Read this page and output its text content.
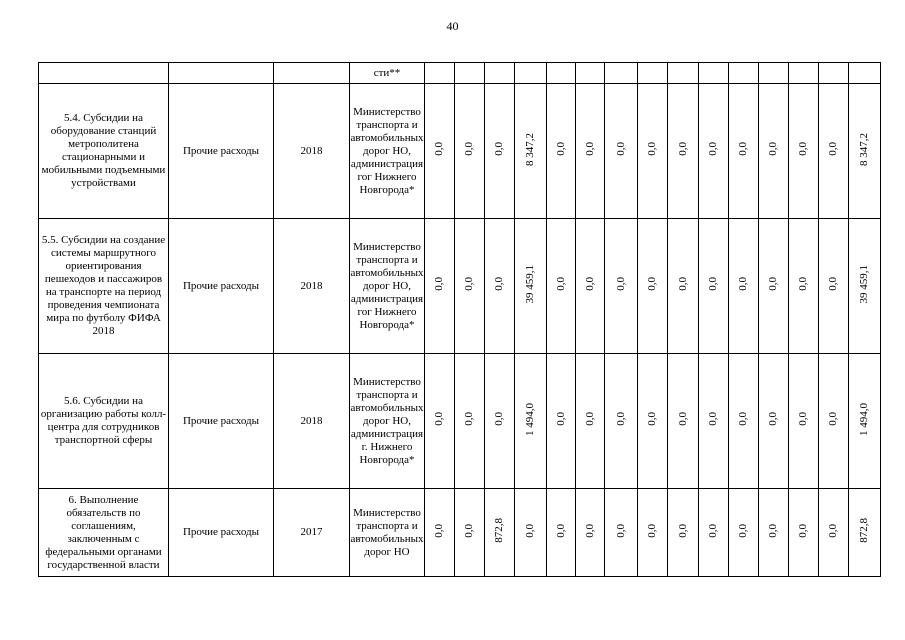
40
			сти**															
5.4. Субсидии на оборудование станций метрополитена стационарными и мобильными подъемными устройствами	Прочие расходы	2018	Министерство транспорта и автомобильных дорог НО, администрация гог Нижнего Новгорода*	0,0	0,0	0,0	8 347,2	0,0	0,0	0,0	0,0	0,0	0,0	0,0	0,0	0,0	0,0	8 347,2
5.5. Субсидии на создание системы маршрутного ориентирования пешеходов и пассажиров на транспорте на период проведения чемпионата мира по футболу ФИФА 2018	Прочие расходы	2018	Министерство транспорта и автомобильных дорог НО, администрация гог Нижнего Новгорода*	0,0	0,0	0,0	39 459,1	0,0	0,0	0,0	0,0	0,0	0,0	0,0	0,0	0,0	0,0	39 459,1
5.6. Субсидии на организацию работы колл-центра для сотрудников транспортной сферы	Прочие расходы	2018	Министерство транспорта и автомобильных дорог НО, администрация г. Нижнего Новгорода*	0,0	0,0	0,0	1 494,0	0,0	0,0	0,0	0,0	0,0	0,0	0,0	0,0	0,0	0,0	1 494,0
6. Выполнение обязательств по соглашениям, заключенным с федеральными органами государственной власти	Прочие расходы	2017	Министерство транспорта и автомобильных дорог НО	0,0	0,0	872,8	0,0	0,0	0,0	0,0	0,0	0,0	0,0	0,0	0,0	0,0	0,0	872,8
